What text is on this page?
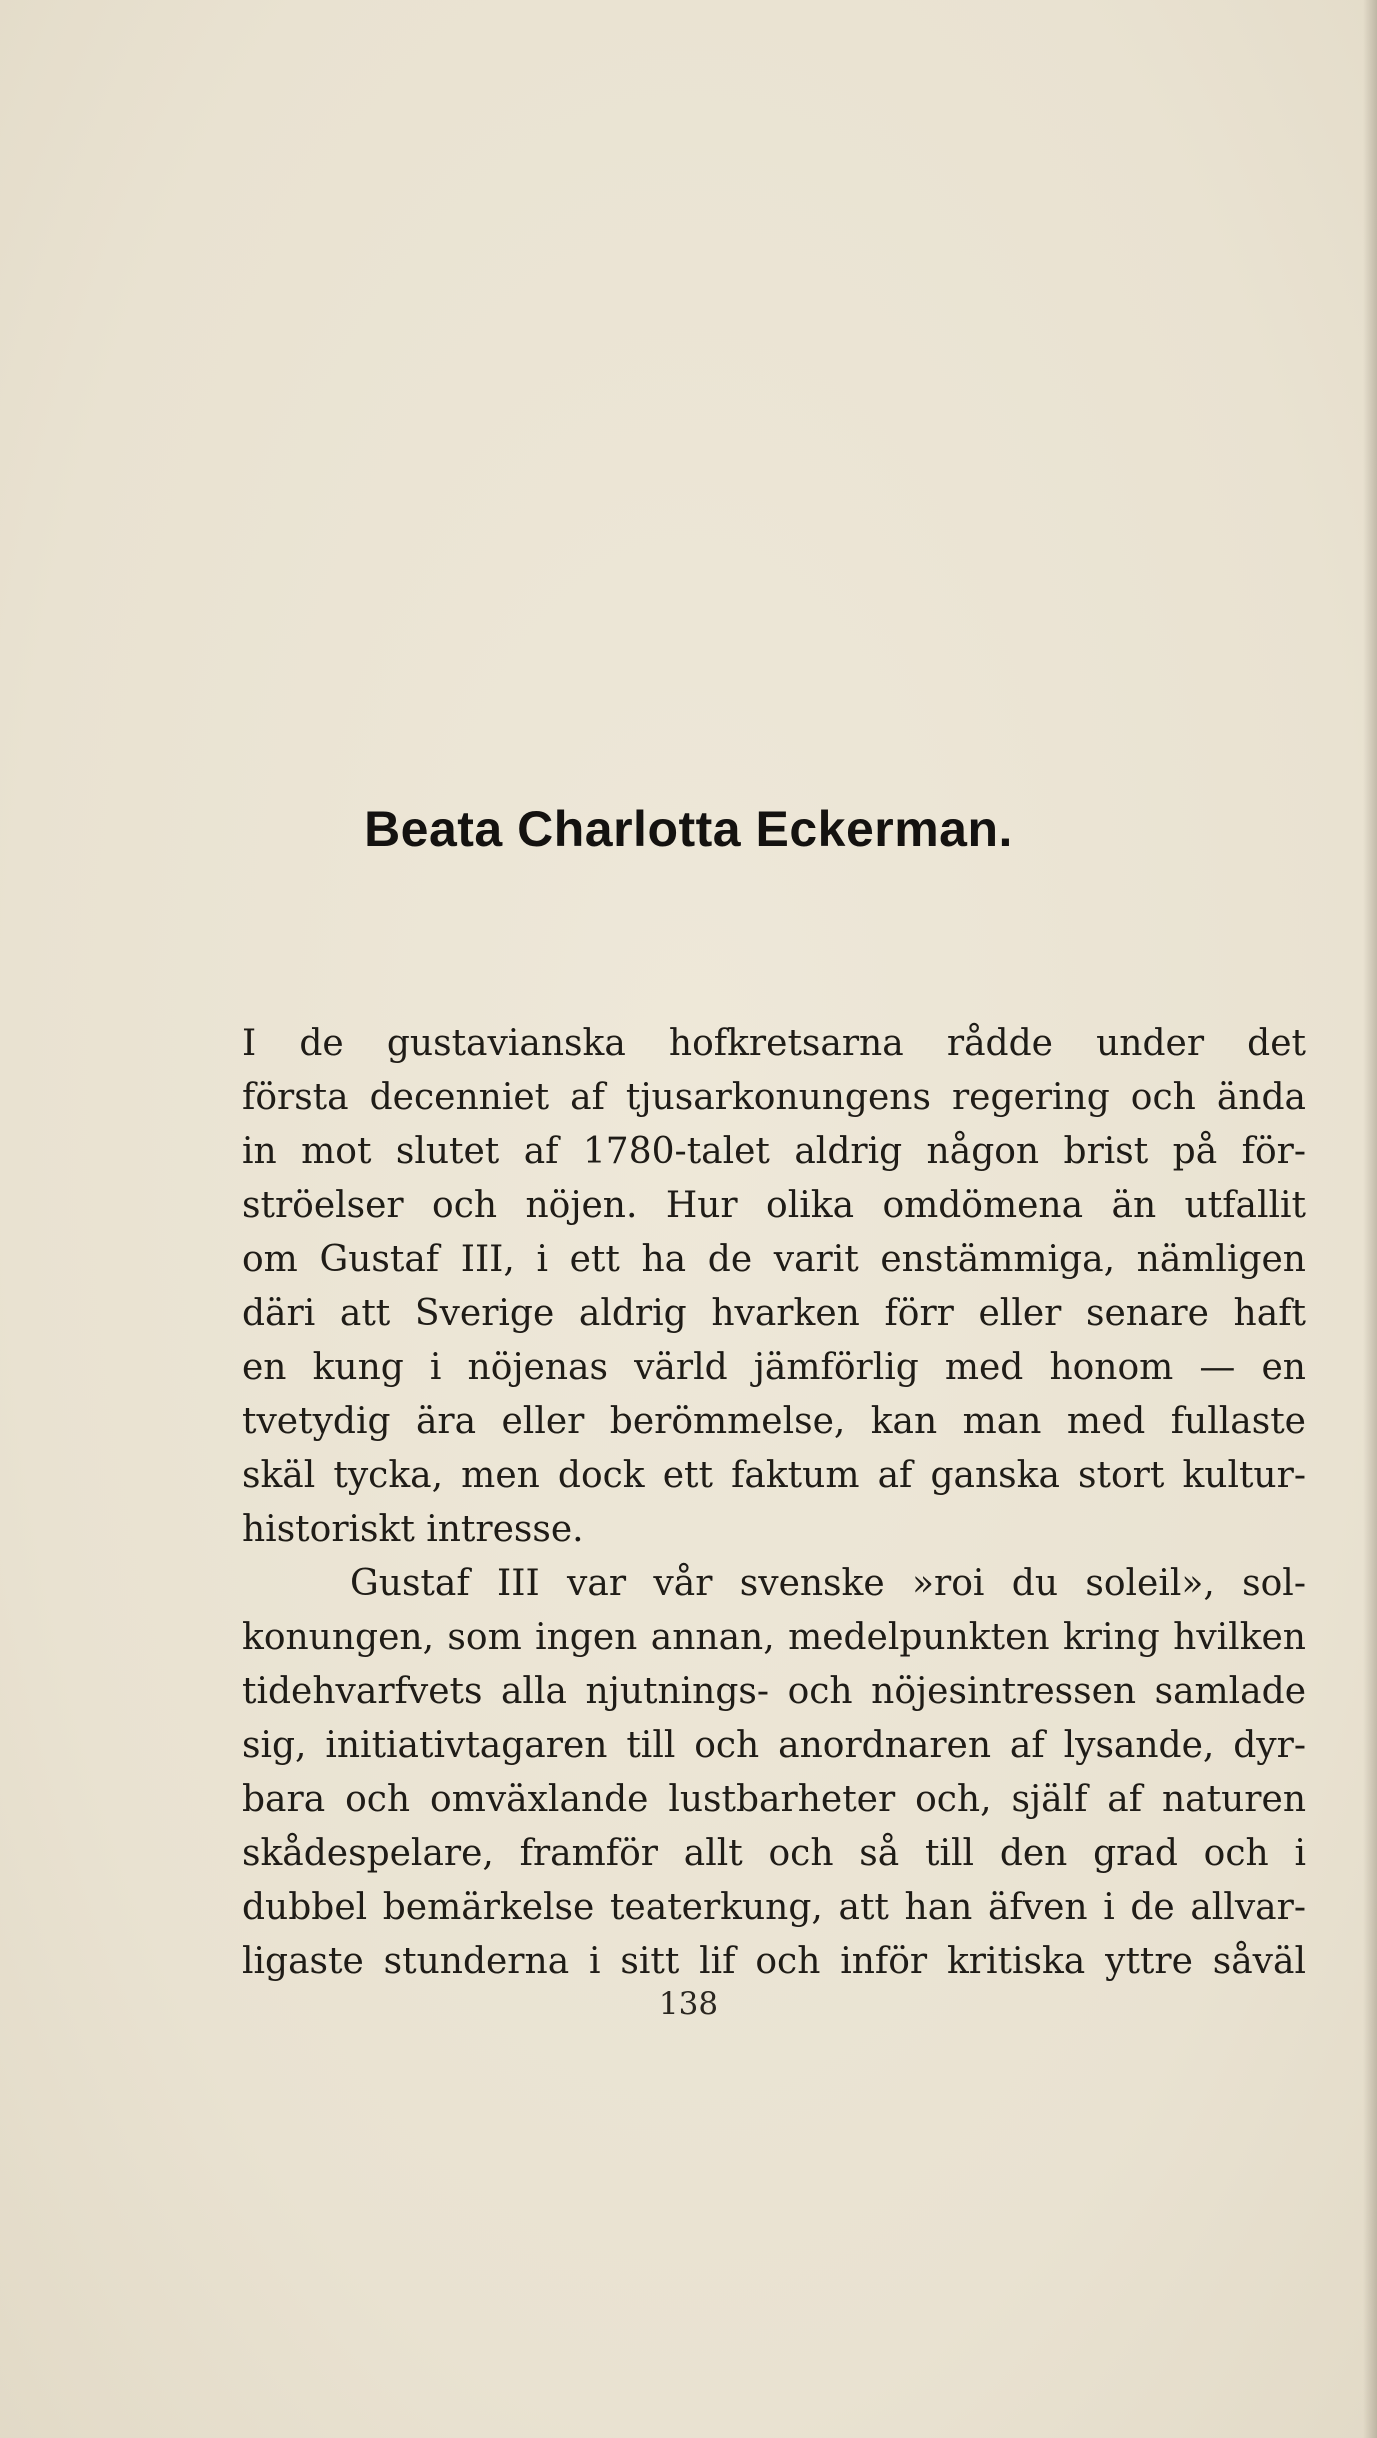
Beata Charlotta Eckerman.

I de gustavianska hofkretsarna rådde under det

första decenniet af tjusarkonungens regering och ända

in mot slutet af 1780-talet aldrig någon brist på för-

ströelser och nöjen. Hur olika omdömena än utfallit

om Gustaf III, i ett ha de varit enstämmiga, nämligen

däri att Sverige aldrig hvarken förr eller senare haft

en kung i nöjenas värld jämförlig med honom — en

tvetydig ära eller berömmelse, kan man med fullaste

skäl tycka, men dock ett faktum af ganska stort kultur-

historiskt intresse.

Gustaf III var vår svenske »roi du soleil», sol-

konungen, som ingen annan, medelpunkten kring hvilken

tidehvarfvets alla njutnings- och nöjesintressen samlade

sig, initiativtagaren till och anordnaren af lysande, dyr-

bara och omväxlande lustbarheter och, själf af naturen

skådespelare, framför allt och så till den grad och i

dubbel bemärkelse teaterkung, att han äfven i de allvar-

ligaste stunderna i sitt lif och inför kritiska yttre såväl

138
